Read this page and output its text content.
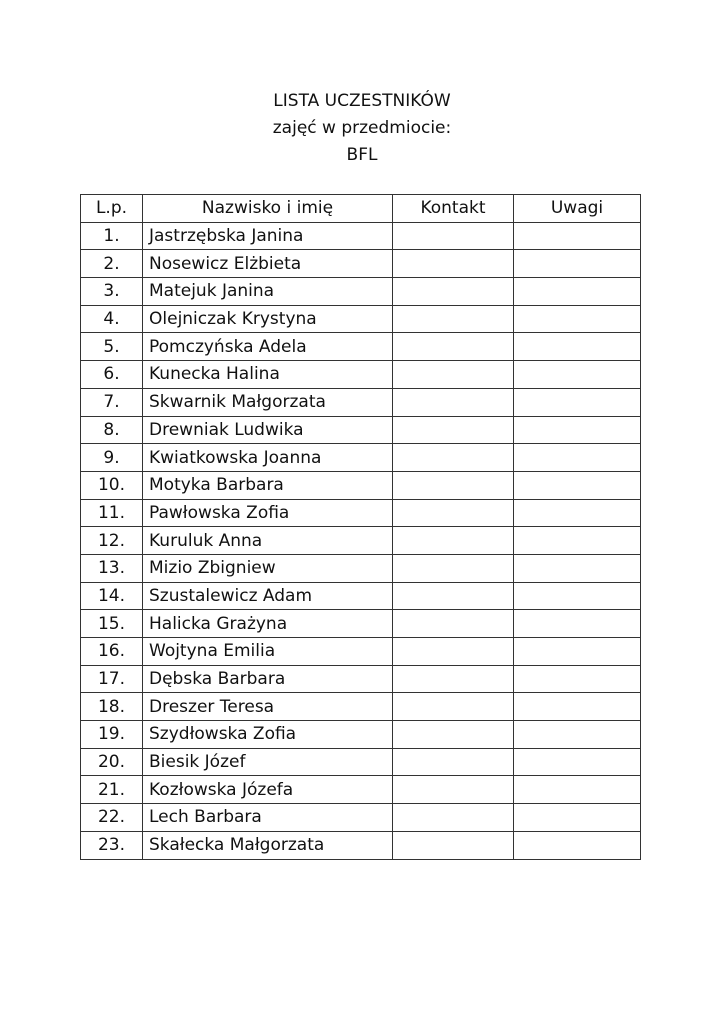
LISTA UCZESTNIKÓW
zajęć w przedmiocie:
BFL
L.p.	Nazwisko i imię	Kontakt	Uwagi
1.	Jastrzębska Janina		
2.	Nosewicz Elżbieta		
3.	Matejuk Janina		
4.	Olejniczak Krystyna		
5.	Pomczyńska Adela		
6.	Kunecka Halina		
7.	Skwarnik Małgorzata		
8.	Drewniak Ludwika		
9.	Kwiatkowska Joanna		
10.	Motyka Barbara		
11.	Pawłowska Zofia		
12.	Kuruluk Anna		
13.	Mizio Zbigniew		
14.	Szustalewicz Adam		
15.	Halicka Grażyna		
16.	Wojtyna Emilia		
17.	Dębska Barbara		
18.	Dreszer Teresa		
19.	Szydłowska Zofia		
20.	Biesik Józef		
21.	Kozłowska Józefa		
22.	Lech Barbara		
23.	Skałecka Małgorzata		
